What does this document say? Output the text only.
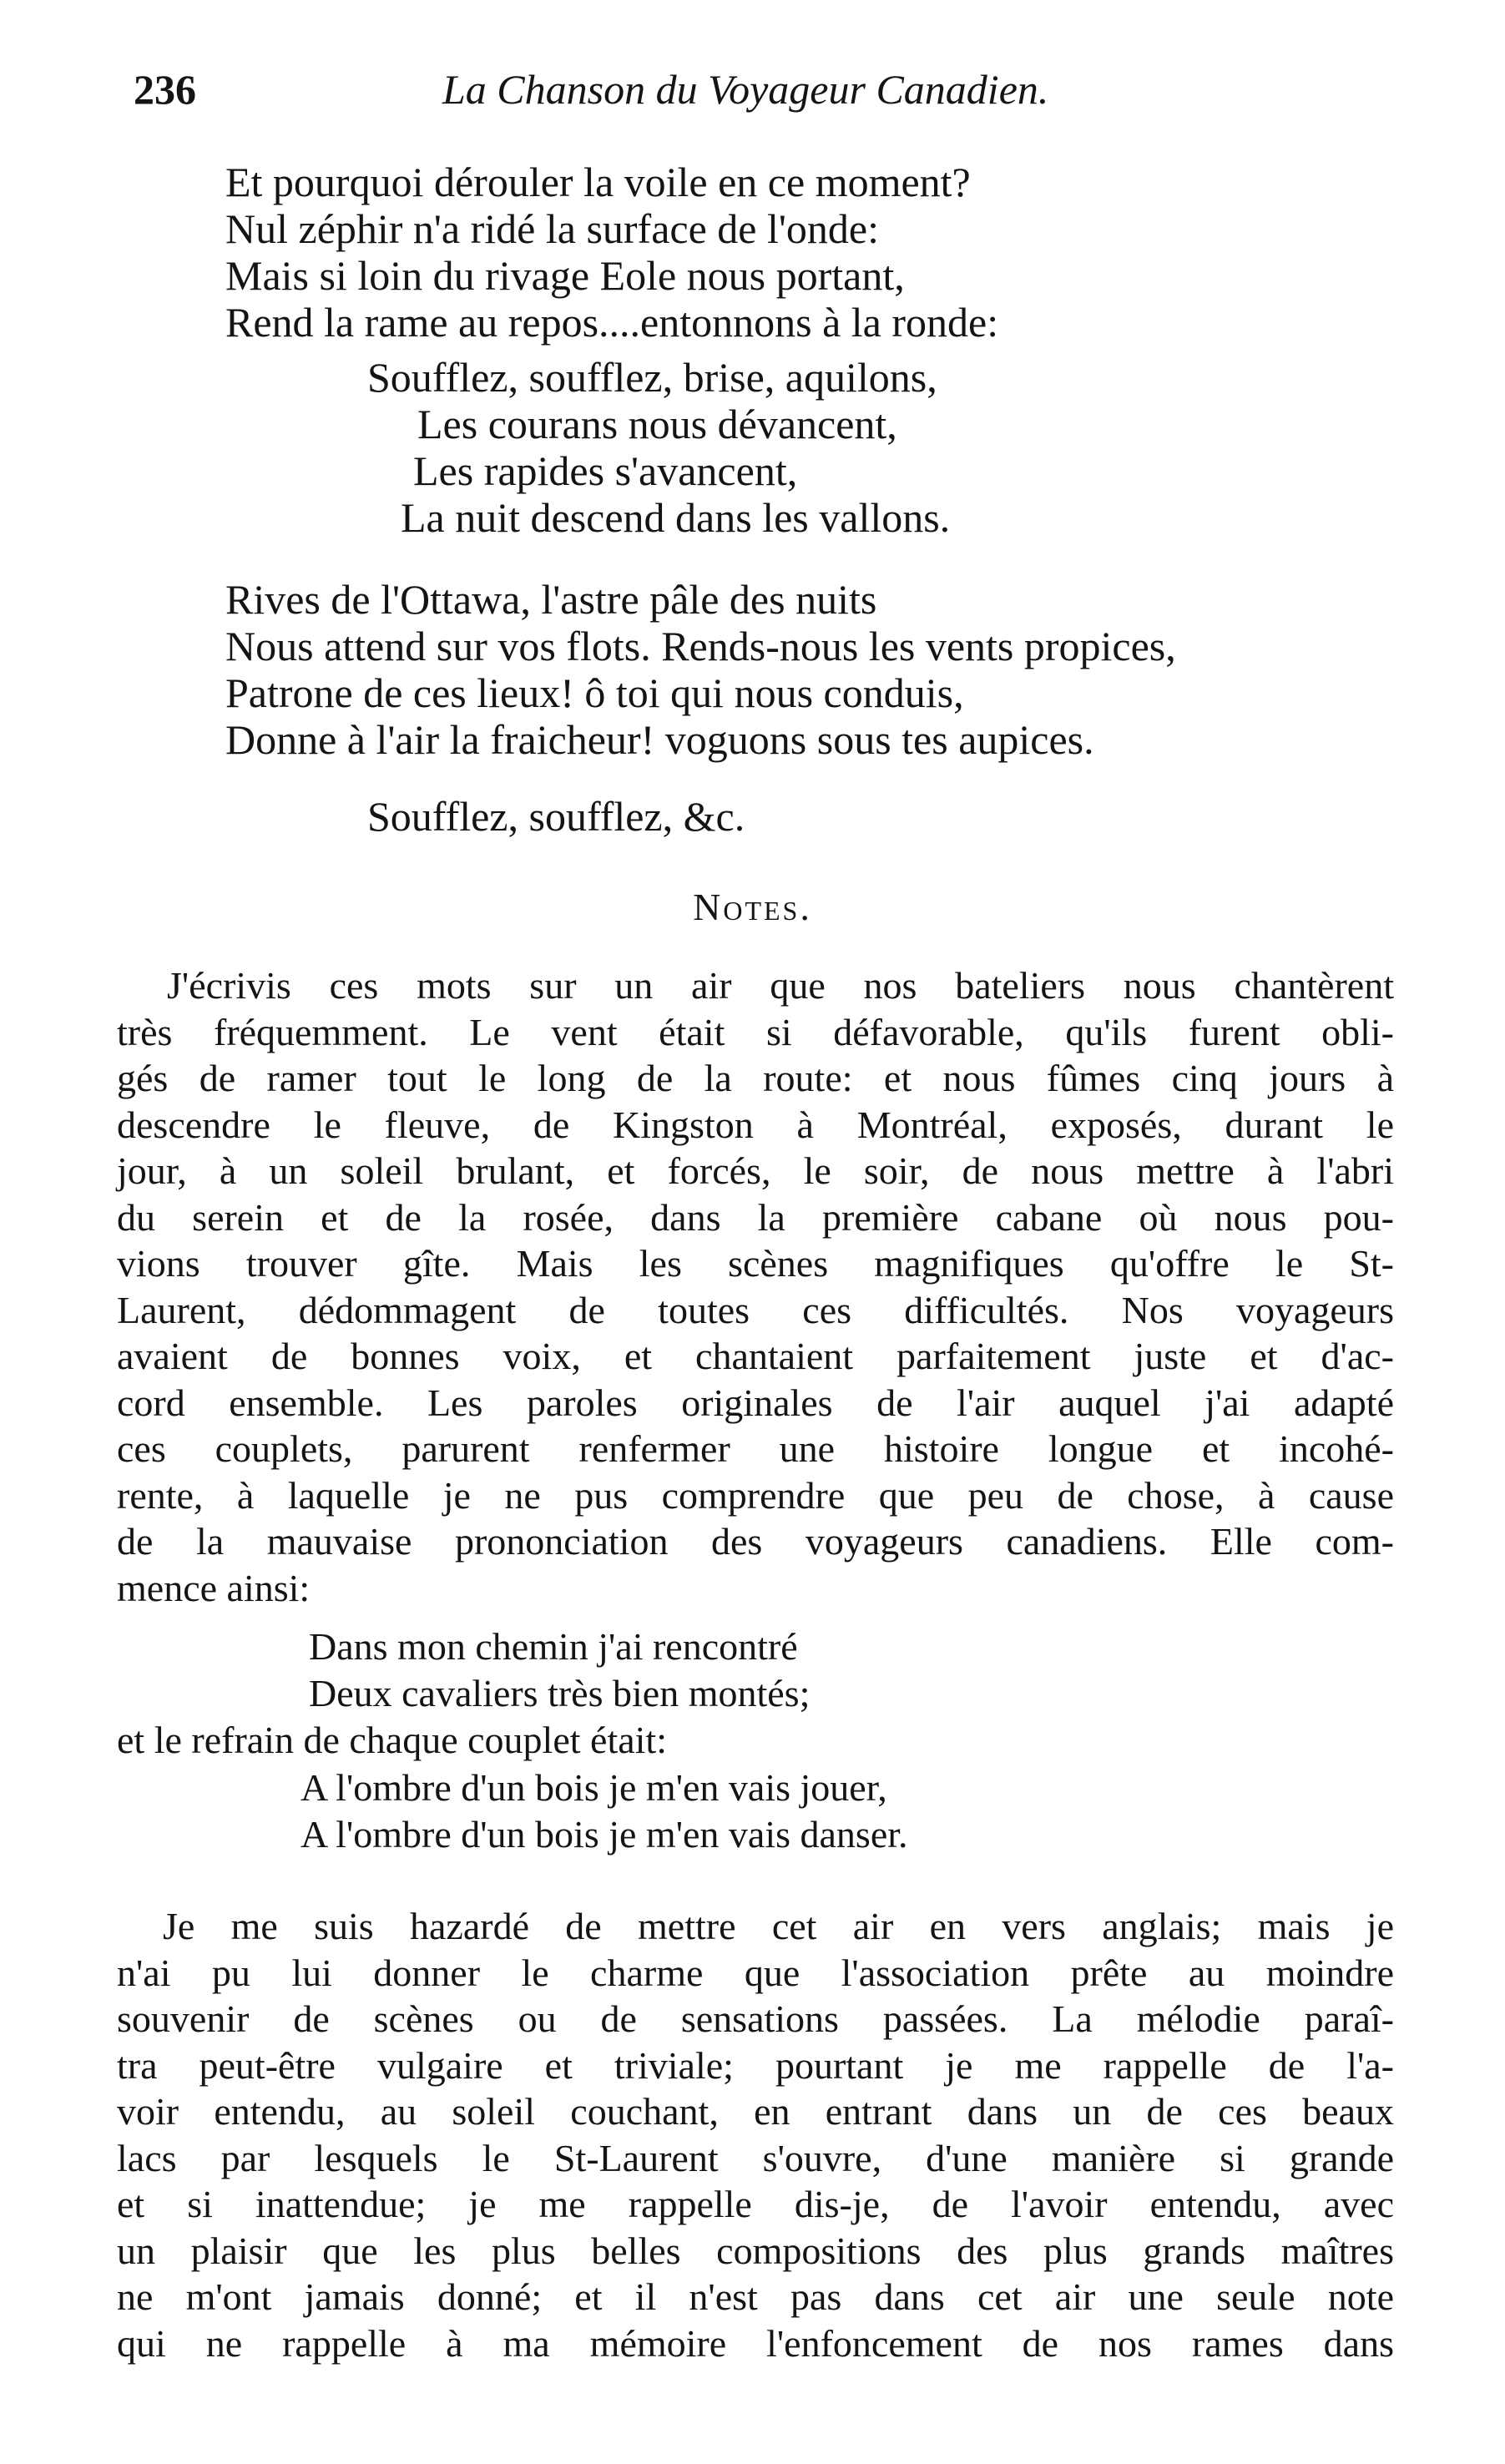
236	La Chanson du Voyageur Canadien.
Et pourquoi dérouler la voile en ce moment?
Nul zéphir n'a ridé la surface de l'onde:
Mais si loin du rivage Eole nous portant,
Rend la rame au repos....entonnons à la ronde:
Soufflez, soufflez, brise, aquilons,
Les courans nous dévancent,
Les rapides s'avancent,
La nuit descend dans les vallons.
Rives de l'Ottawa, l'astre pâle des nuits
Nous attend sur vos flots. Rends-nous les vents propices,
Patrone de ces lieux! ô toi qui nous conduis,
Donne à l'air la fraicheur! voguons sous tes aupices.
Soufflez, soufflez, &c.
Notes.
J'écrivis ces mots sur un air que nos bateliers nous chantèrent
très fréquemment. Le vent était si défavorable, qu'ils furent obli-
gés de ramer tout le long de la route: et nous fûmes cinq jours à
descendre le fleuve, de Kingston à Montréal, exposés, durant le
jour, à un soleil brulant, et forcés, le soir, de nous mettre à l'abri
du serein et de la rosée, dans la première cabane où nous pou-
vions trouver gîte. Mais les scènes magnifiques qu'offre le St-
Laurent, dédommagent de toutes ces difficultés. Nos voyageurs
avaient de bonnes voix, et chantaient parfaitement juste et d'ac-
cord ensemble. Les paroles originales de l'air auquel j'ai adapté
ces couplets, parurent renfermer une histoire longue et incohé-
rente, à laquelle je ne pus comprendre que peu de chose, à cause
de la mauvaise prononciation des voyageurs canadiens. Elle com-
mence ainsi:
Dans mon chemin j'ai rencontré
Deux cavaliers très bien montés;
et le refrain de chaque couplet était:
A l'ombre d'un bois je m'en vais jouer,
A l'ombre d'un bois je m'en vais danser.
Je me suis hazardé de mettre cet air en vers anglais; mais je
n'ai pu lui donner le charme que l'association prête au moindre
souvenir de scènes ou de sensations passées. La mélodie paraî-
tra peut-être vulgaire et triviale; pourtant je me rappelle de l'a-
voir entendu, au soleil couchant, en entrant dans un de ces beaux
lacs par lesquels le St-Laurent s'ouvre, d'une manière si grande
et si inattendue; je me rappelle dis-je, de l'avoir entendu, avec
un plaisir que les plus belles compositions des plus grands maîtres
ne m'ont jamais donné; et il n'est pas dans cet air une seule note
qui ne rappelle à ma mémoire l'enfoncement de nos rames dans
